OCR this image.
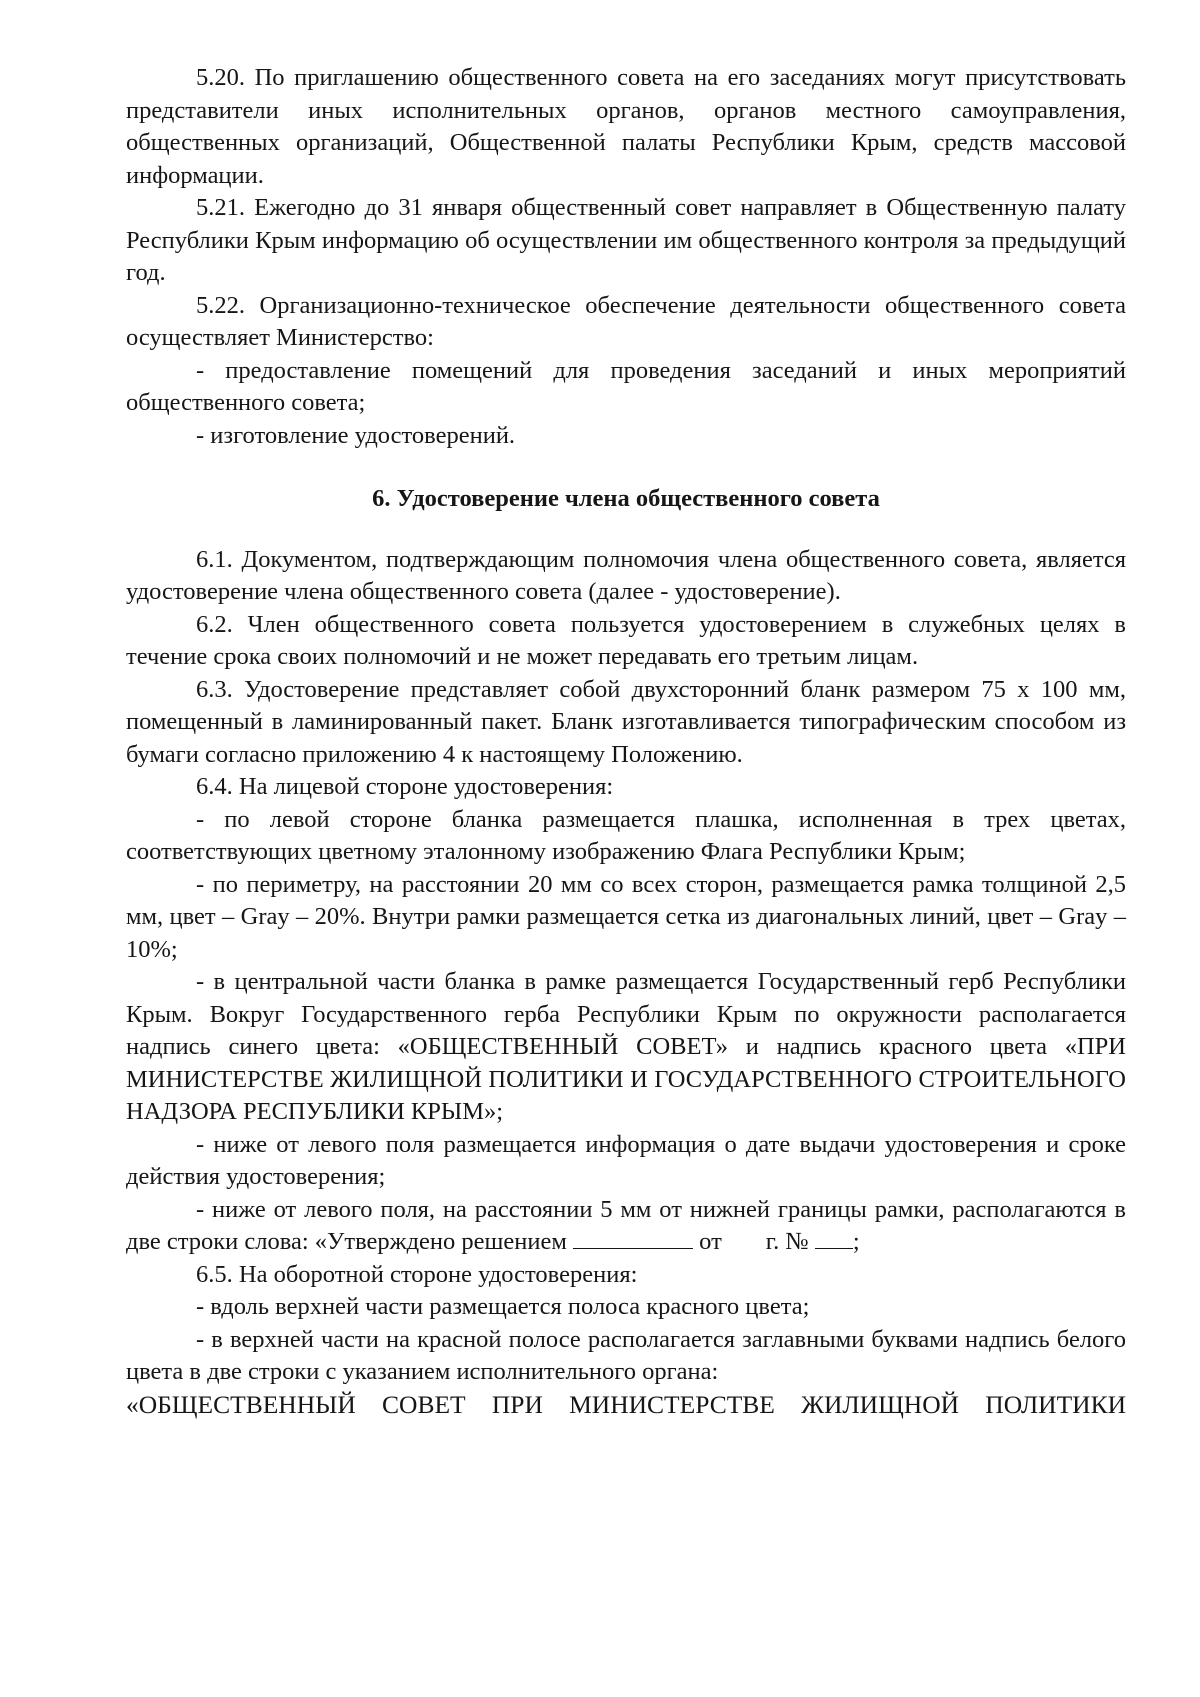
5.20. По приглашению общественного совета на его заседаниях могут присутствовать представители иных исполнительных органов, органов местного самоуправления, общественных организаций, Общественной палаты Республики Крым, средств массовой информации.

5.21. Ежегодно до 31 января общественный совет направляет в Общественную палату Республики Крым информацию об осуществлении им общественного контроля за предыдущий год.

5.22. Организационно-техническое обеспечение деятельности общественного совета осуществляет Министерство:

- предоставление помещений для проведения заседаний и иных мероприятий общественного совета;

- изготовление удостоверений.

6. Удостоверение члена общественного совета

6.1. Документом, подтверждающим полномочия члена общественного совета, является удостоверение члена общественного совета (далее - удостоверение).

6.2. Член общественного совета пользуется удостоверением в служебных целях в течение срока своих полномочий и не может передавать его третьим лицам.

6.3. Удостоверение представляет собой двухсторонний бланк размером 75 x 100 мм, помещенный в ламинированный пакет. Бланк изготавливается типографическим способом из бумаги согласно приложению 4 к настоящему Положению.

6.4. На лицевой стороне удостоверения:

- по левой стороне бланка размещается плашка, исполненная в трех цветах, соответствующих цветному эталонному изображению Флага Республики Крым;

- по периметру, на расстоянии 20 мм со всех сторон, размещается рамка толщиной 2,5 мм, цвет – Gray – 20%. Внутри рамки размещается сетка из диагональных линий, цвет – Gray – 10%;

- в центральной части бланка в рамке размещается Государственный герб Республики Крым. Вокруг Государственного герба Республики Крым по окружности располагается надпись синего цвета: «ОБЩЕСТВЕННЫЙ СОВЕТ» и надпись красного цвета «ПРИ МИНИСТЕРСТВЕ ЖИЛИЩНОЙ ПОЛИТИКИ И ГОСУДАРСТВЕННОГО СТРОИТЕЛЬНОГО НАДЗОРА РЕСПУБЛИКИ КРЫМ»;

- ниже от левого поля размещается информация о дате выдачи удостоверения и сроке действия удостоверения;

- ниже от левого поля, на расстоянии 5 мм от нижней границы рамки, располагаются в две строки слова: «Утверждено решением	от г. № ;

6.5. На оборотной стороне удостоверения:

- вдоль верхней части размещается полоса красного цвета;

- в верхней части на красной полосе располагается заглавными буквами надпись белого цвета в две строки с указанием исполнительного органа:

«ОБЩЕСТВЕННЫЙ СОВЕТ ПРИ МИНИСТЕРСТВЕ ЖИЛИЩНОЙ ПОЛИТИКИ
